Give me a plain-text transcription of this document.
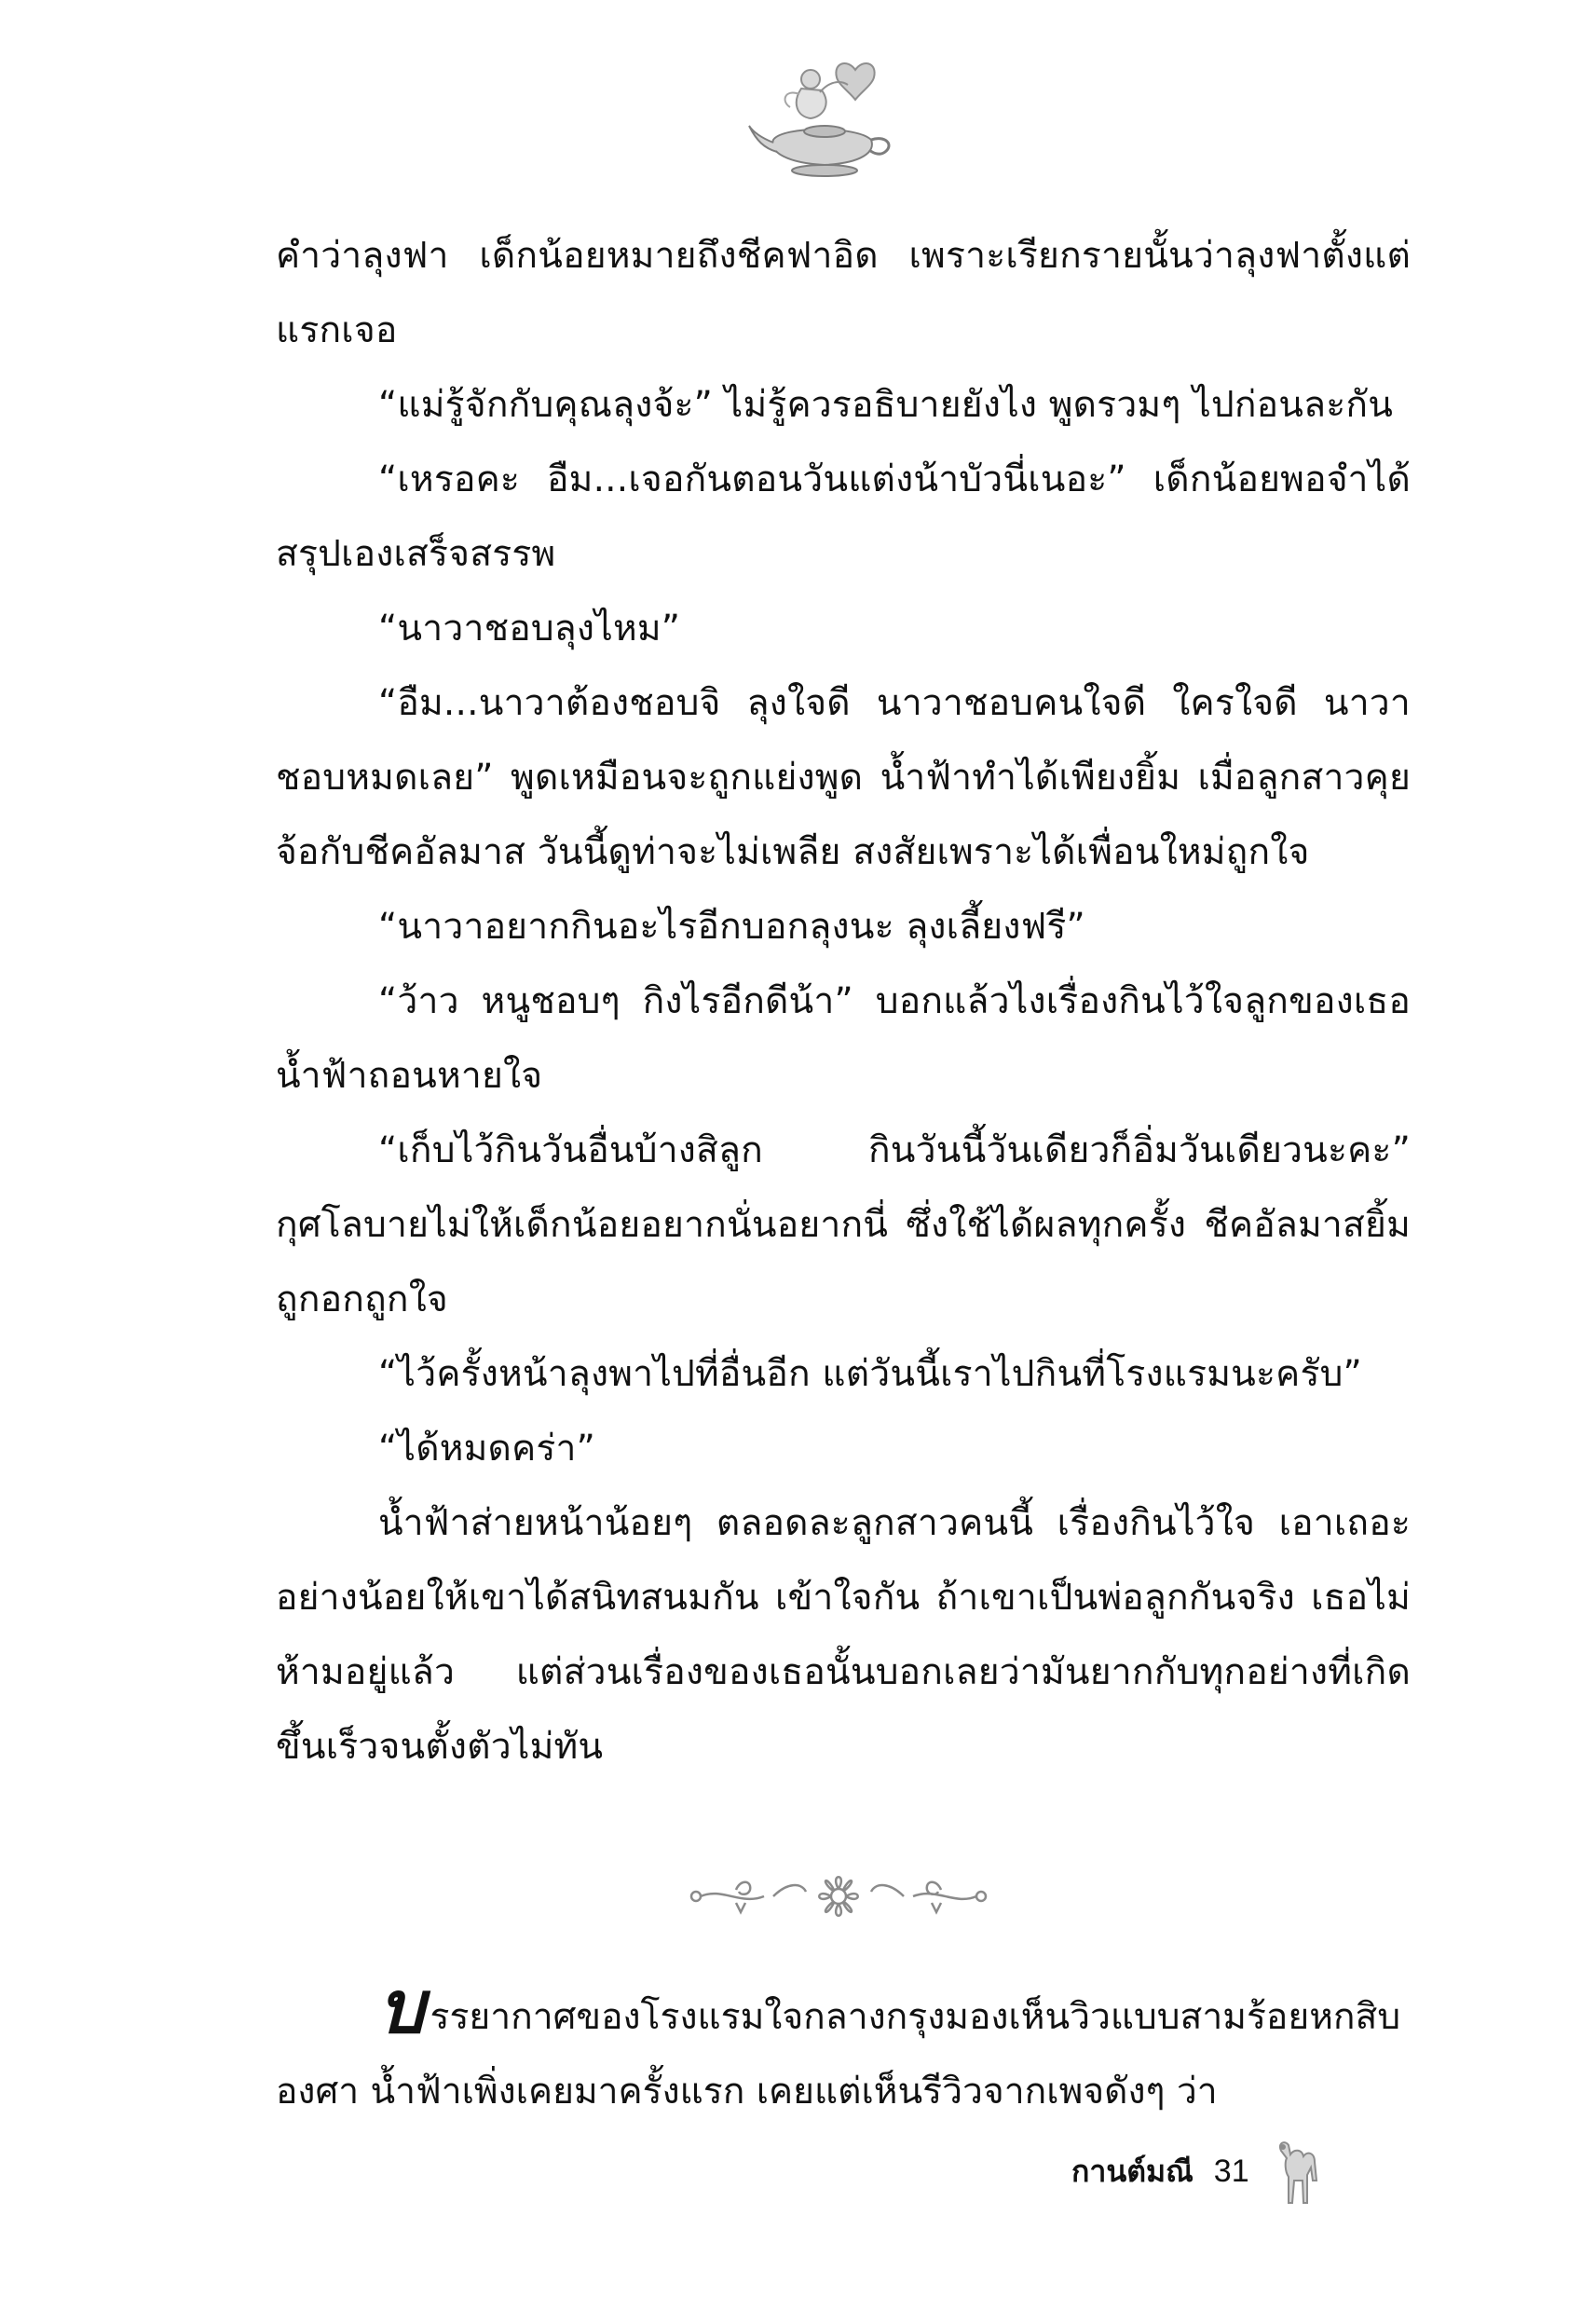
คำว่าลุงฟา เด็กน้อยหมายถึงชีคฟาอิด เพราะเรียกรายนั้นว่าลุงฟาตั้งแต่แรกเจอ

“แม่รู้จักกับคุณลุงจ้ะ” ไม่รู้ควรอธิบายยังไง พูดรวมๆ ไปก่อนละกัน

“เหรอคะ อืม...เจอกันตอนวันแต่งน้าบัวนี่เนอะ” เด็กน้อยพอจำได้สรุปเองเสร็จสรรพ

“นาวาชอบลุงไหม”

“อืม...นาวาต้องชอบจิ ลุงใจดี นาวาชอบคนใจดี ใครใจดี นาวาชอบหมดเลย” พูดเหมือนจะถูกแย่งพูด น้ำฟ้าทำได้เพียงยิ้ม เมื่อลูกสาวคุยจ้อกับชีคอัลมาส วันนี้ดูท่าจะไม่เพลีย สงสัยเพราะได้เพื่อนใหม่ถูกใจ

“นาวาอยากกินอะไรอีกบอกลุงนะ ลุงเลี้ยงฟรี”

“ว้าว หนูชอบๆ กิงไรอีกดีน้า” บอกแล้วไงเรื่องกินไว้ใจลูกของเธอ น้ำฟ้าถอนหายใจ

“เก็บไว้กินวันอื่นบ้างสิลูก กินวันนี้วันเดียวก็อิ่มวันเดียวนะคะ” กุศโลบายไม่ให้เด็กน้อยอยากนั่นอยากนี่ ซึ่งใช้ได้ผลทุกครั้ง ชีคอัลมาสยิ้มถูกอกถูกใจ

“ไว้ครั้งหน้าลุงพาไปที่อื่นอีก แต่วันนี้เราไปกินที่โรงแรมนะครับ”

“ได้หมดคร่า”

น้ำฟ้าส่ายหน้าน้อยๆ ตลอดละลูกสาวคนนี้ เรื่องกินไว้ใจ เอาเถอะอย่างน้อยให้เขาได้สนิทสนมกัน เข้าใจกัน ถ้าเขาเป็นพ่อลูกกันจริง เธอไม่ห้ามอยู่แล้ว แต่ส่วนเรื่องของเธอนั้นบอกเลยว่ามันยากกับทุกอย่างที่เกิดขึ้นเร็วจนตั้งตัวไม่ทัน

บรรยากาศของโรงแรมใจกลางกรุงมองเห็นวิวแบบสามร้อยหกสิบองศา น้ำฟ้าเพิ่งเคยมาครั้งแรก เคยแต่เห็นรีวิวจากเพจดังๆ ว่า

กานต์มณี 31
